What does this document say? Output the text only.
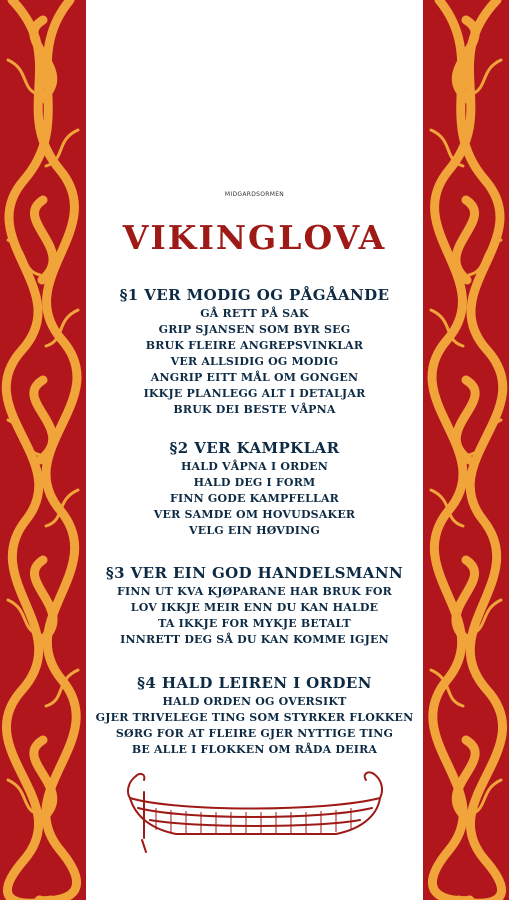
MIDGARDSORMEN
VIKINGLOVA
§1 VER MODIG OG PÅGÅANDE
GÅ RETT PÅ SAK
GRIP SJANSEN SOM BYR SEG
BRUK FLEIRE ANGREPSVINKLAR
VER ALLSIDIG OG MODIG
ANGRIP EITT MÅL OM GONGEN
IKKJE PLANLEGG ALT I DETALJAR
BRUK DEI BESTE VÅPNA
§2 VER KAMPKLAR
HALD VÅPNA I ORDEN
HALD DEG I FORM
FINN GODE KAMPFELLAR
VER SAMDE OM HOVUDSAKER
VELG EIN HØVDING
§3 VER EIN GOD HANDELSMANN
FINN UT KVA KJØPARANE HAR BRUK FOR
LOV IKKJE MEIR ENN DU KAN HALDE
TA IKKJE FOR MYKJE BETALT
INNRETT DEG SÅ DU KAN KOMME IGJEN
§4 HALD LEIREN I ORDEN
HALD ORDEN OG OVERSIKT
GJER TRIVELEGE TING SOM STYRKER FLOKKEN
SØRG FOR AT FLEIRE GJER NYTTIGE TING
BE ALLE I FLOKKEN OM RÅDA DEIRA
